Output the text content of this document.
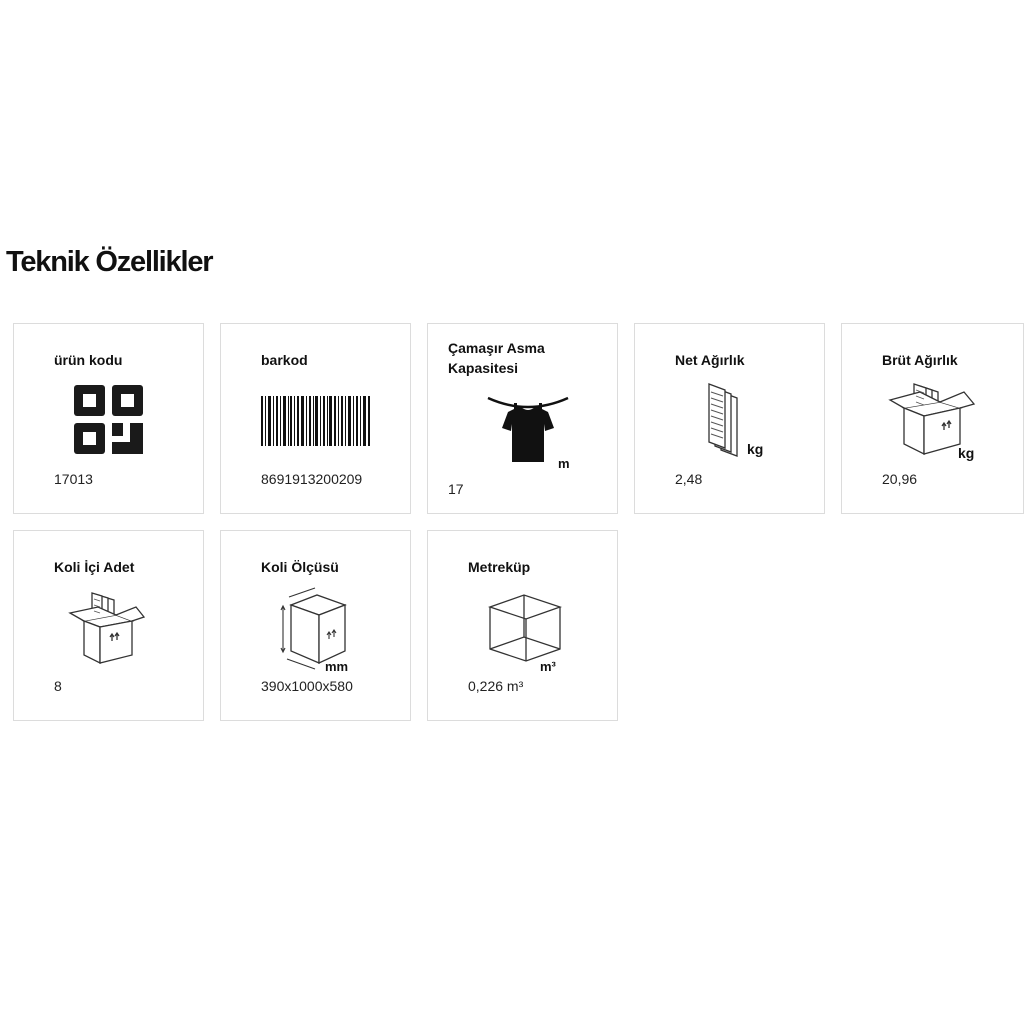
Teknik Özellikler
ürün kodu
17013
barkod
8691913200209
Çamaşır Asma Kapasitesi
m
17
Net Ağırlık
kg
2,48
Brüt Ağırlık
kg
20,96
Koli İçi Adet
8
Koli Ölçüsü
mm
390x1000x580
Metreküp
m³
0,226 m³
